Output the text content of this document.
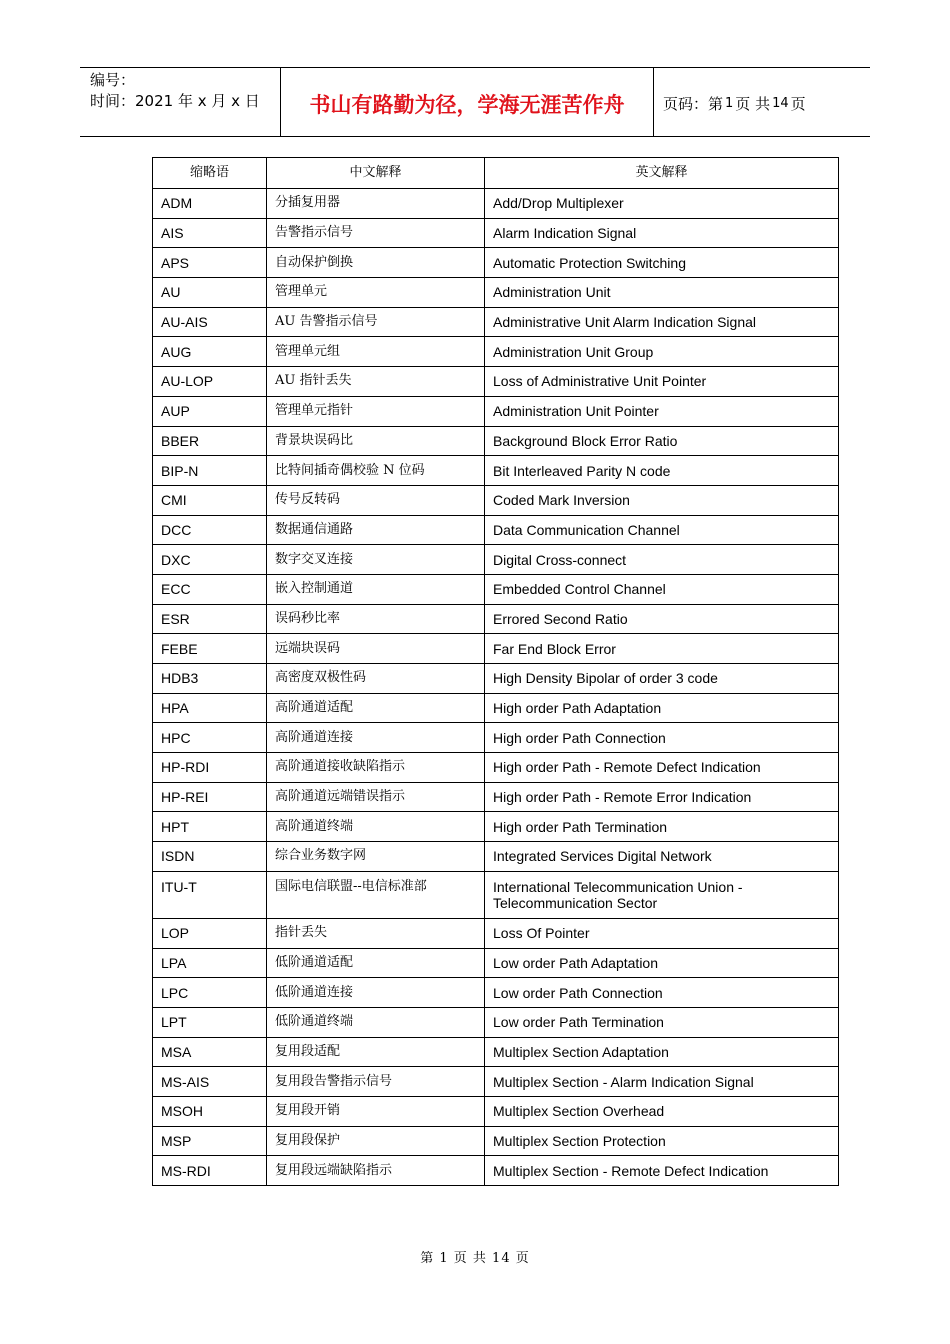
编号：
时间：2021 年 x 月 x 日	书山有路勤为径，学海无涯苦作舟	页码：第 1 页 共 14 页
缩略语	中文解释	英文解释
ADM	分插复用器	Add/Drop Multiplexer
AIS	告警指示信号	Alarm Indication Signal
APS	自动保护倒换	Automatic Protection Switching
AU	管理单元	Administration Unit
AU-AIS	AU 告警指示信号	Administrative Unit Alarm Indication Signal
AUG	管理单元组	Administration Unit Group
AU-LOP	AU 指针丢失	Loss of Administrative Unit Pointer
AUP	管理单元指针	Administration Unit Pointer
BBER	背景块误码比	Background Block Error Ratio
BIP-N	比特间插奇偶校验 N 位码	Bit Interleaved Parity N code
CMI	传号反转码	Coded Mark Inversion
DCC	数据通信通路	Data Communication Channel
DXC	数字交叉连接	Digital Cross-connect
ECC	嵌入控制通道	Embedded Control Channel
ESR	误码秒比率	Errored Second Ratio
FEBE	远端块误码	Far End Block Error
HDB3	高密度双极性码	High Density Bipolar of order 3 code
HPA	高阶通道适配	High order Path Adaptation
HPC	高阶通道连接	High order Path Connection
HP-RDI	高阶通道接收缺陷指示	High order Path - Remote Defect Indication
HP-REI	高阶通道远端错误指示	High order Path - Remote Error Indication
HPT	高阶通道终端	High order Path Termination
ISDN	综合业务数字网	Integrated Services Digital Network
ITU-T	国际电信联盟--电信标准部	International Telecommunication Union - Telecommunication Sector
LOP	指针丢失	Loss Of Pointer
LPA	低阶通道适配	Low order Path Adaptation
LPC	低阶通道连接	Low order Path Connection
LPT	低阶通道终端	Low order Path Termination
MSA	复用段适配	Multiplex Section Adaptation
MS-AIS	复用段告警指示信号	Multiplex Section - Alarm Indication Signal
MSOH	复用段开销	Multiplex Section Overhead
MSP	复用段保护	Multiplex Section Protection
MS-RDI	复用段远端缺陷指示	Multiplex Section - Remote Defect Indication
第 1 页 共 14 页
